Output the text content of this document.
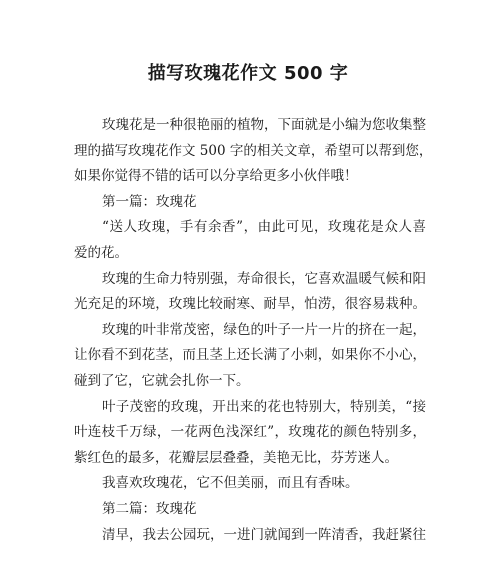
描写玫瑰花作文 500 字
玫瑰花是一种很艳丽的植物，下面就是小编为您收集整
理的描写玫瑰花作文 500 字的相关文章，希望可以帮到您，
如果你觉得不错的话可以分享给更多小伙伴哦！
第一篇：玫瑰花
“送人玫瑰，手有余香”，由此可见，玫瑰花是众人喜
爱的花。
玫瑰的生命力特别强，寿命很长，它喜欢温暖气候和阳
光充足的环境，玫瑰比较耐寒、耐旱，怕涝，很容易栽种。
玫瑰的叶非常茂密，绿色的叶子一片一片的挤在一起，
让你看不到花茎，而且茎上还长满了小刺，如果你不小心，
碰到了它，它就会扎你一下。
叶子茂密的玫瑰，开出来的花也特别大，特别美，“接
叶连枝千万绿，一花两色浅深红”，玫瑰花的颜色特别多，
紫红色的最多，花瓣层层叠叠，美艳无比，芬芳迷人。
我喜欢玫瑰花，它不但美丽，而且有香味。
第二篇：玫瑰花
清早，我去公园玩，一进门就闻到一阵清香，我赶紧往
